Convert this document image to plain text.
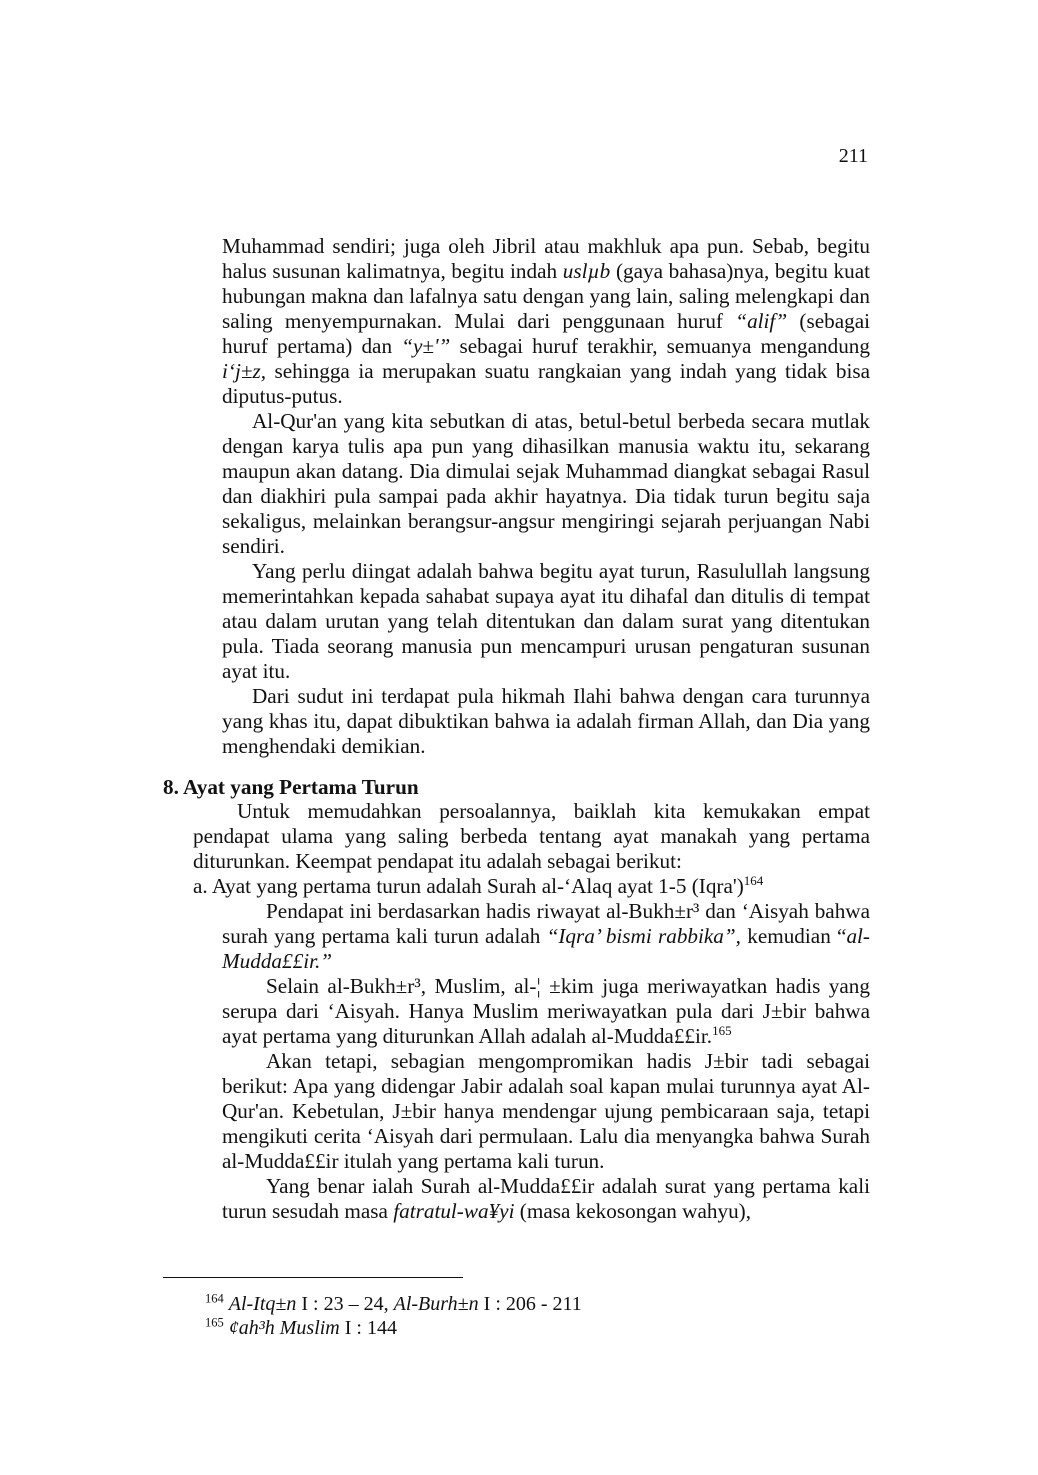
211

Muhammad sendiri; juga oleh Jibril atau makhluk apa pun. Sebab, begitu halus susunan kalimatnya, begitu indah uslµb (gaya bahasa)nya, begitu kuat hubungan makna dan lafalnya satu dengan yang lain, saling melengkapi dan saling menyempurnakan. Mulai dari penggunaan huruf “alif” (sebagai huruf pertama) dan “y±'” sebagai huruf terakhir, semuanya mengandung i‘j±z, sehingga ia merupakan suatu rangkaian yang indah yang tidak bisa diputus-putus.

Al-Qur'an yang kita sebutkan di atas, betul-betul berbeda secara mutlak dengan karya tulis apa pun yang dihasilkan manusia waktu itu, sekarang maupun akan datang. Dia dimulai sejak Muhammad diangkat sebagai Rasul dan diakhiri pula sampai pada akhir hayatnya. Dia tidak turun begitu saja sekaligus, melainkan berangsur-angsur mengiringi sejarah perjuangan Nabi sendiri.

Yang perlu diingat adalah bahwa begitu ayat turun, Rasulullah langsung memerintahkan kepada sahabat supaya ayat itu dihafal dan ditulis di tempat atau dalam urutan yang telah ditentukan dan dalam surat yang ditentukan pula. Tiada seorang manusia pun mencampuri urusan pengaturan susunan ayat itu.

Dari sudut ini terdapat pula hikmah Ilahi bahwa dengan cara turunnya yang khas itu, dapat dibuktikan bahwa ia adalah firman Allah, dan Dia yang menghendaki demikian.

8. Ayat yang Pertama Turun

Untuk memudahkan persoalannya, baiklah kita kemukakan empat pendapat ulama yang saling berbeda tentang ayat manakah yang pertama diturunkan. Keempat pendapat itu adalah sebagai berikut:

a. Ayat yang pertama turun adalah Surah al-‘Alaq ayat 1-5 (Iqra')$^{164}$

Pendapat ini berdasarkan hadis riwayat al-Bukh±r³ dan ‘Aisyah bahwa surah yang pertama kali turun adalah “Iqra’ bismi rabbika”, kemudian “al-Mudda££ir.”

Selain al-Bukh±r³, Muslim, al-¦ ±kim juga meriwayatkan hadis yang serupa dari ‘Aisyah. Hanya Muslim meriwayatkan pula dari J±bir bahwa ayat pertama yang diturunkan Allah adalah al-Mudda££ir.$^{165}$

Akan tetapi, sebagian mengompromikan hadis J±bir tadi sebagai berikut: Apa yang didengar Jabir adalah soal kapan mulai turunnya ayat Al-Qur'an. Kebetulan, J±bir hanya mendengar ujung pembicaraan saja, tetapi mengikuti cerita ‘Aisyah dari permulaan. Lalu dia menyangka bahwa Surah al-Mudda££ir itulah yang pertama kali turun.

Yang benar ialah Surah al-Mudda££ir adalah surat yang pertama kali turun sesudah masa fatratul-wa¥yi (masa kekosongan wahyu),

$^{164}$ Al-Itq±n I : 23 – 24, Al-Burh±n I : 206 - 211

$^{165}$ ¢ah³h Muslim I : 144
